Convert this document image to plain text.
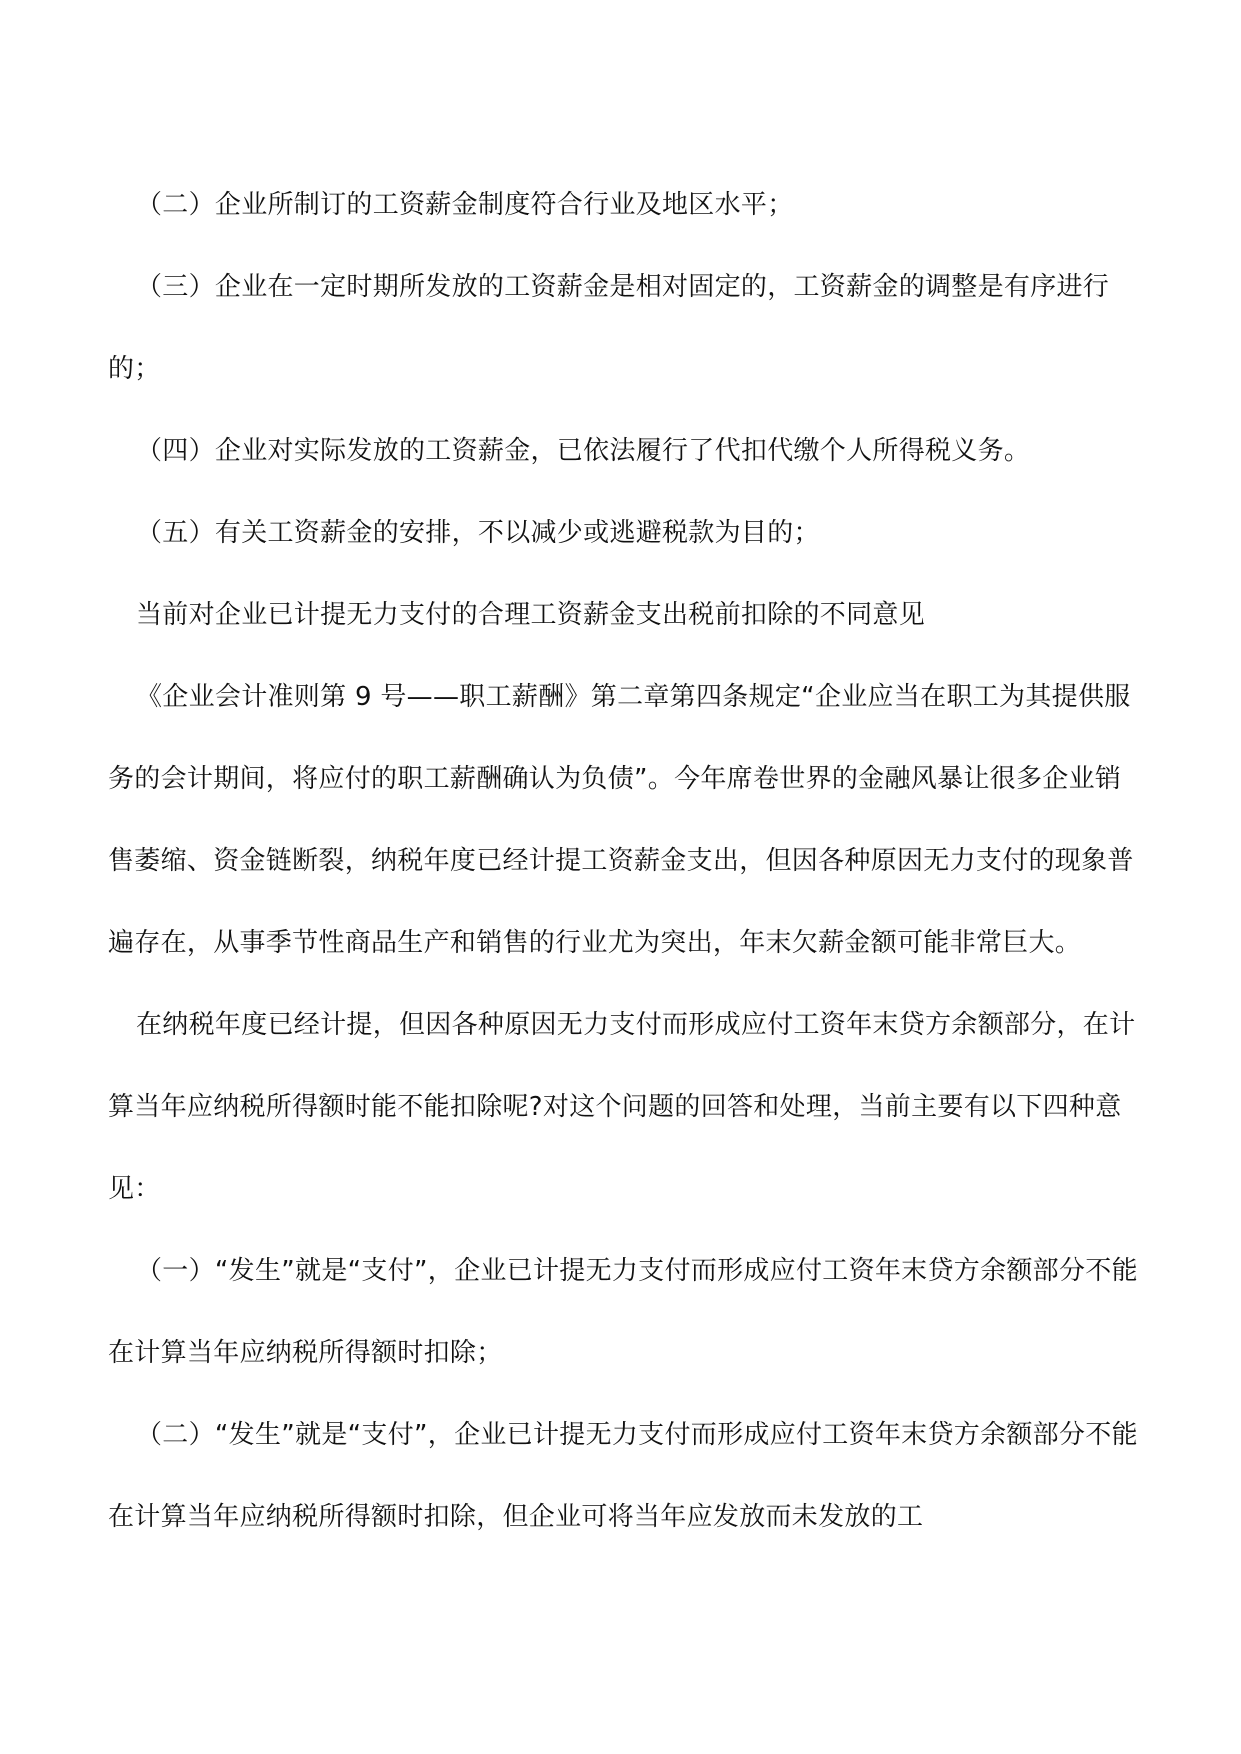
（二）企业所制订的工资薪金制度符合行业及地区水平；

（三）企业在一定时期所发放的工资薪金是相对固定的，工资薪金的调整是有序进行的；

（四）企业对实际发放的工资薪金，已依法履行了代扣代缴个人所得税义务。

（五）有关工资薪金的安排，不以减少或逃避税款为目的；

当前对企业已计提无力支付的合理工资薪金支出税前扣除的不同意见

《企业会计准则第 9 号——职工薪酬》第二章第四条规定“企业应当在职工为其提供服务的会计期间，将应付的职工薪酬确认为负债”。今年席卷世界的金融风暴让很多企业销售萎缩、资金链断裂，纳税年度已经计提工资薪金支出，但因各种原因无力支付的现象普遍存在，从事季节性商品生产和销售的行业尤为突出，年末欠薪金额可能非常巨大。

在纳税年度已经计提，但因各种原因无力支付而形成应付工资年末贷方余额部分，在计算当年应纳税所得额时能不能扣除呢?对这个问题的回答和处理，当前主要有以下四种意见：

（一）“发生”就是“支付”，企业已计提无力支付而形成应付工资年末贷方余额部分不能在计算当年应纳税所得额时扣除；

（二）“发生”就是“支付”，企业已计提无力支付而形成应付工资年末贷方余额部分不能在计算当年应纳税所得额时扣除，但企业可将当年应发放而未发放的工
